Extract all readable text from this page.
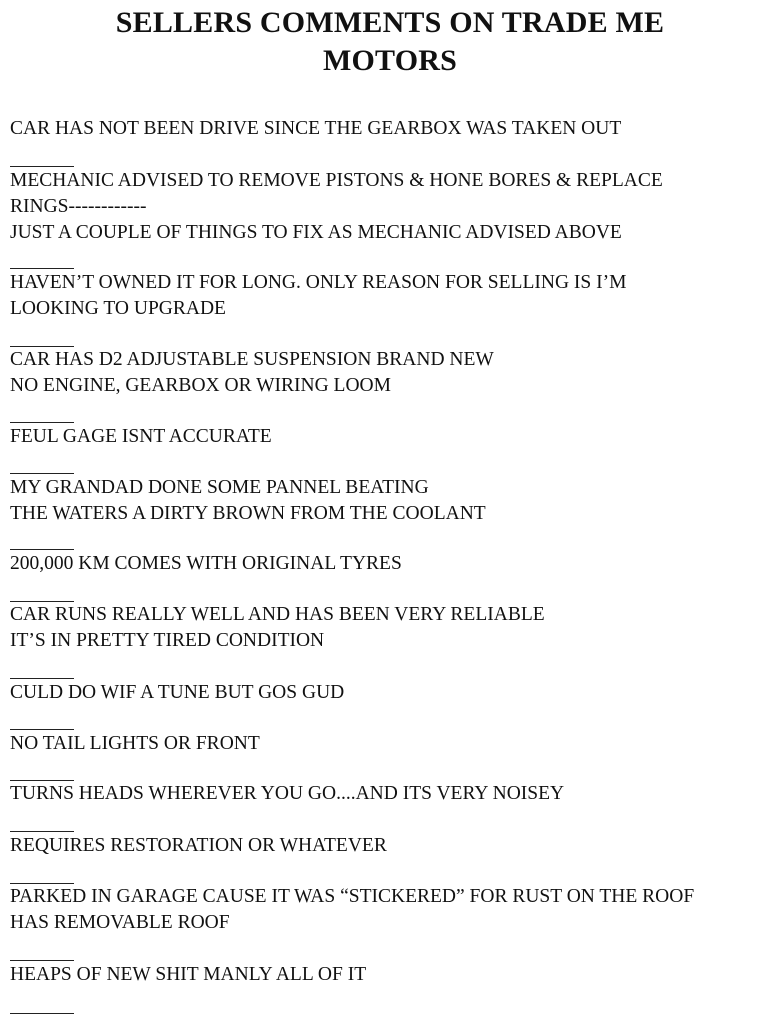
SELLERS COMMENTS ON TRADE ME
MOTORS
CAR HAS NOT BEEN DRIVE SINCE THE GEARBOX WAS TAKEN OUT
MECHANIC ADVISED TO REMOVE PISTONS & HONE BORES & REPLACE
RINGS------------
JUST A COUPLE OF THINGS TO FIX AS MECHANIC ADVISED ABOVE
HAVEN’T OWNED IT FOR LONG. ONLY REASON FOR SELLING IS I’M
LOOKING TO UPGRADE
CAR HAS D2 ADJUSTABLE SUSPENSION BRAND NEW
NO ENGINE, GEARBOX OR WIRING LOOM
FEUL GAGE ISNT ACCURATE
MY GRANDAD DONE SOME PANNEL BEATING
THE WATERS A DIRTY BROWN FROM THE COOLANT
200,000 KM COMES WITH ORIGINAL TYRES
CAR RUNS REALLY WELL AND HAS BEEN VERY RELIABLE
IT’S IN PRETTY TIRED CONDITION
CULD DO WIF A TUNE BUT GOS GUD
NO TAIL LIGHTS OR FRONT
TURNS HEADS WHEREVER YOU GO....AND ITS VERY NOISEY
REQUIRES RESTORATION OR WHATEVER
PARKED IN GARAGE CAUSE IT WAS “STICKERED” FOR RUST ON THE ROOF
HAS REMOVABLE ROOF
HEAPS OF NEW SHIT MANLY ALL OF IT
